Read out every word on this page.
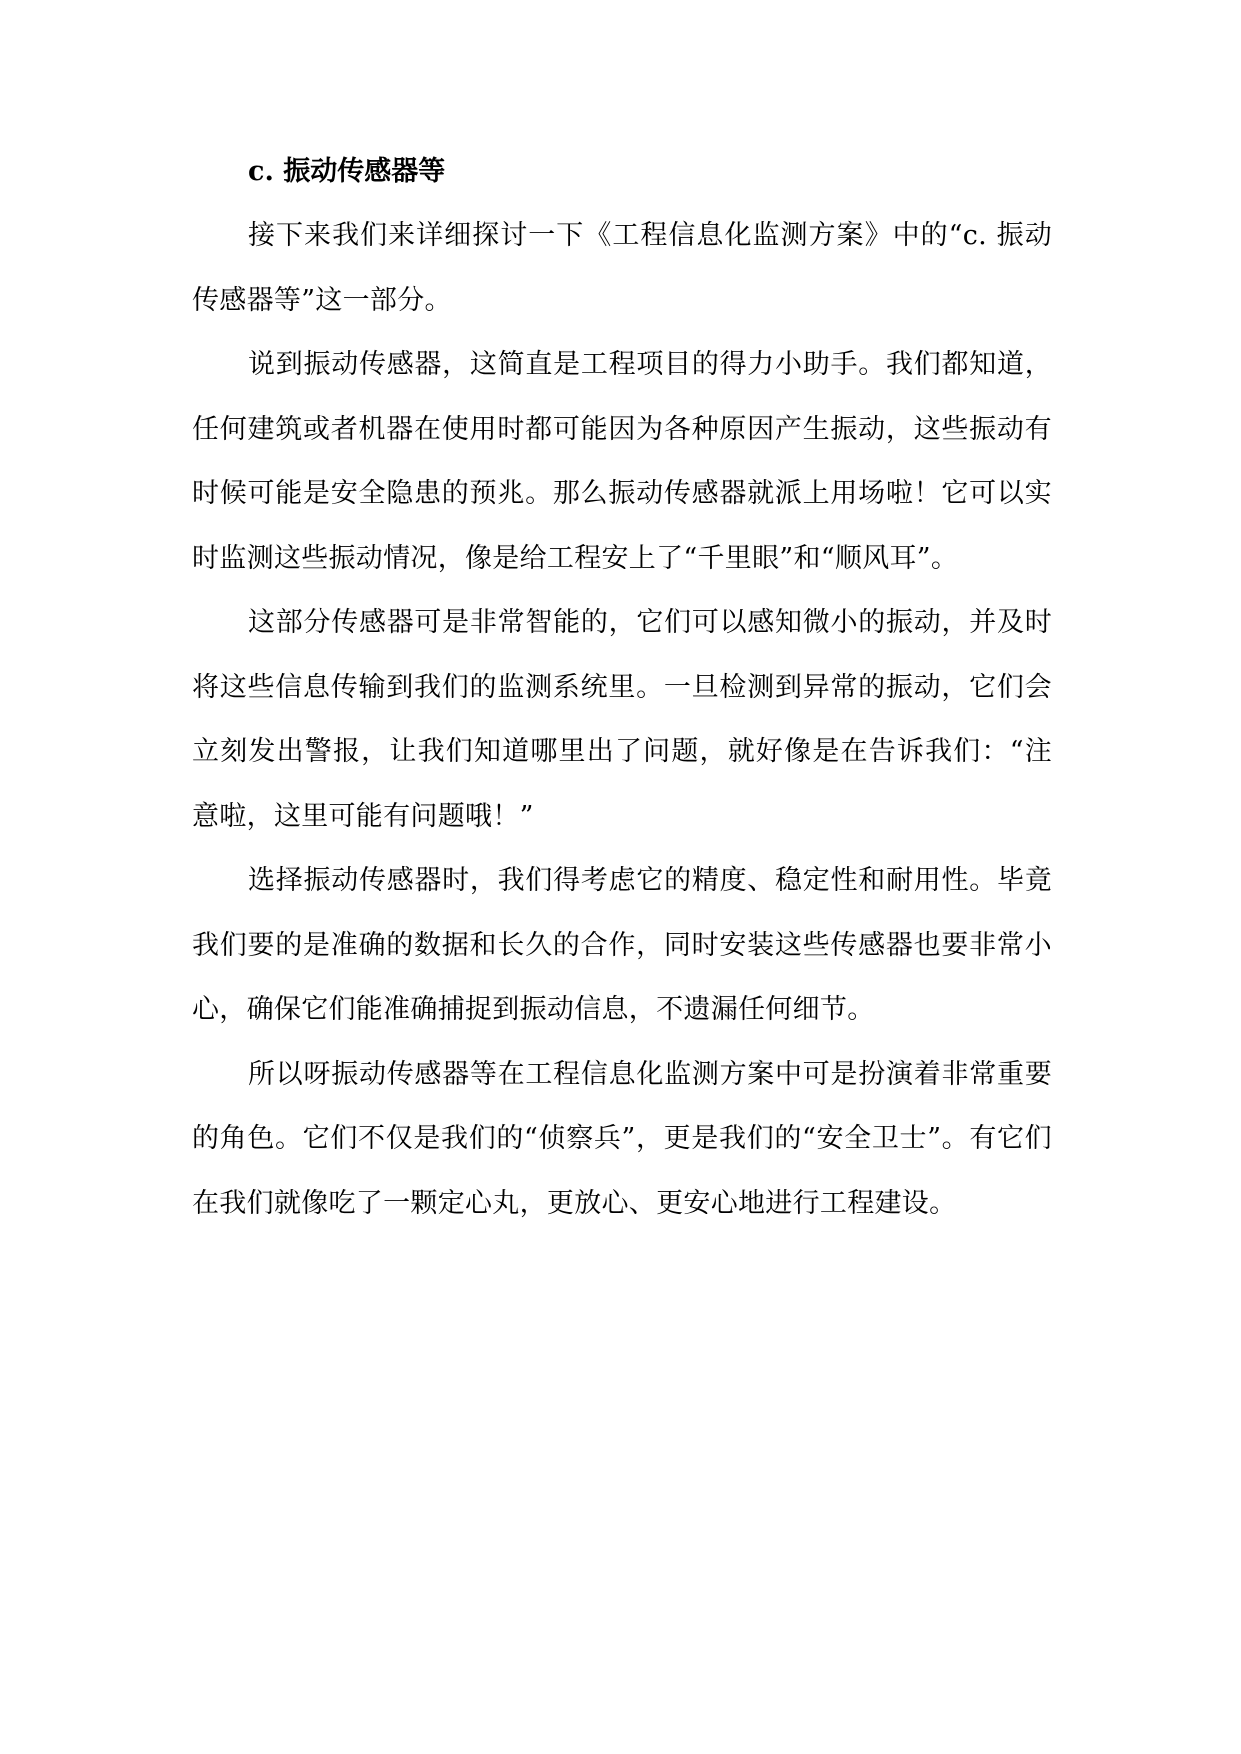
c. 振动传感器等

接下来我们来详细探讨一下《工程信息化监测方案》中的“c. 振动传感器等”这一部分。

说到振动传感器，这简直是工程项目的得力小助手。我们都知道，任何建筑或者机器在使用时都可能因为各种原因产生振动，这些振动有时候可能是安全隐患的预兆。那么振动传感器就派上用场啦！它可以实时监测这些振动情况，像是给工程安上了“千里眼”和“顺风耳”。

这部分传感器可是非常智能的，它们可以感知微小的振动，并及时将这些信息传输到我们的监测系统里。一旦检测到异常的振动，它们会立刻发出警报，让我们知道哪里出了问题，就好像是在告诉我们：“注意啦，这里可能有问题哦！”

选择振动传感器时，我们得考虑它的精度、稳定性和耐用性。毕竟我们要的是准确的数据和长久的合作，同时安装这些传感器也要非常小心，确保它们能准确捕捉到振动信息，不遗漏任何细节。

所以呀振动传感器等在工程信息化监测方案中可是扮演着非常重要的角色。它们不仅是我们的“侦察兵”，更是我们的“安全卫士”。有它们在我们就像吃了一颗定心丸，更放心、更安心地进行工程建设。
